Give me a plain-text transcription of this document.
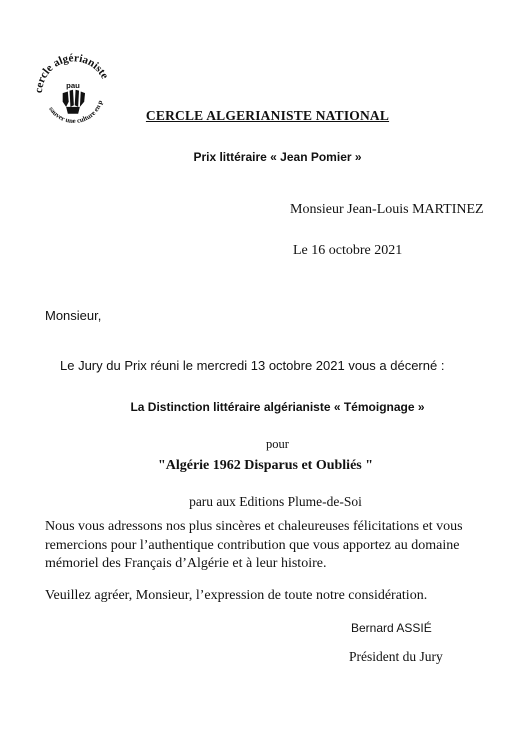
cercle algérianiste
sauver une culture en p
pau
CERCLE ALGERIANISTE NATIONAL
Prix littéraire « Jean Pomier »
Monsieur Jean-Louis MARTINEZ
Le 16 octobre 2021
Monsieur,
Le Jury du Prix réuni le mercredi 13 octobre 2021 vous a décerné :
La Distinction littéraire algérianiste « Témoignage »
pour
"Algérie 1962 Disparus et Oubliés "
paru aux Editions Plume-de-Soi
Nous vous adressons nos plus sincères et chaleureuses félicitations et vous
remercions pour l’authentique contribution que vous apportez au domaine
mémoriel des Français d’Algérie et à leur histoire.
Veuillez agréer, Monsieur, l’expression de toute notre considération.
Bernard ASSIÉ
Président du Jury
